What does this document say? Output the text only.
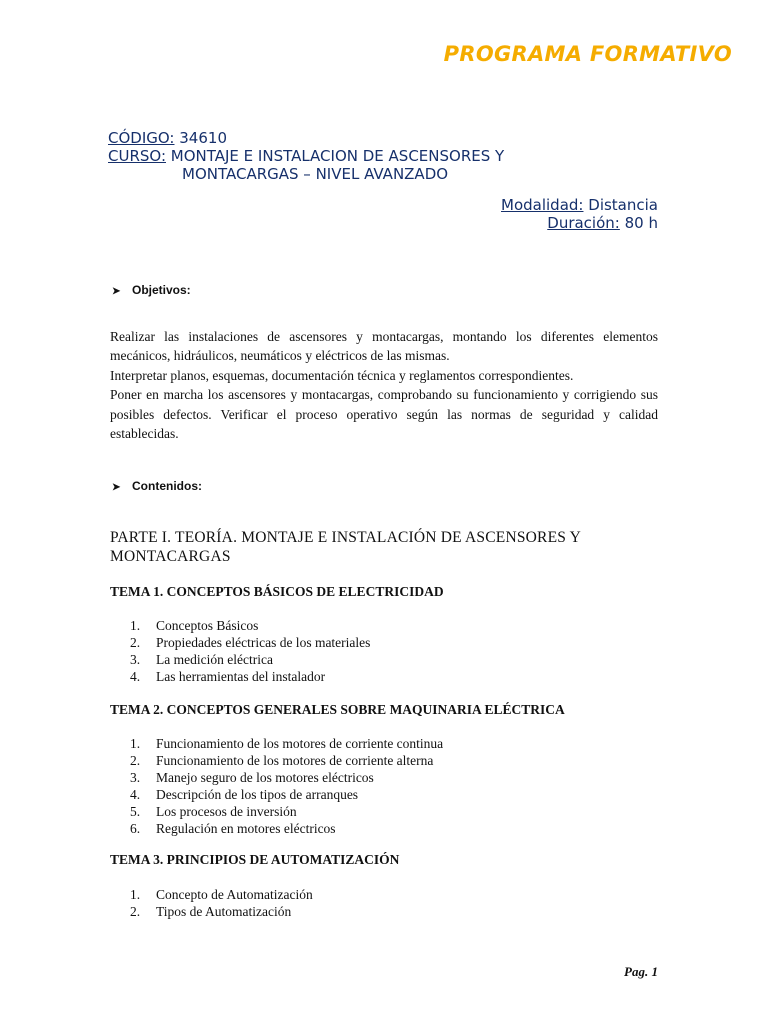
PROGRAMA FORMATIVO
CÓDIGO: 34610
CURSO: MONTAJE E INSTALACION DE ASCENSORES Y
MONTACARGAS – NIVEL AVANZADO
Modalidad: Distancia
Duración: 80 h
➤ Objetivos:

Realizar las instalaciones de ascensores y montacargas, montando los diferentes elementos mecánicos, hidráulicos, neumáticos y eléctricos de las mismas.

Interpretar planos, esquemas, documentación técnica y reglamentos correspondientes.

Poner en marcha los ascensores y montacargas, comprobando su funcionamiento y corrigiendo sus posibles defectos. Verificar el proceso operativo según las normas de seguridad y calidad establecidas.

➤ Contenidos:
PARTE I. TEORÍA. MONTAJE E INSTALACIÓN DE ASCENSORES Y MONTACARGAS
TEMA 1. CONCEPTOS BÁSICOS DE ELECTRICIDAD
1.	Conceptos Básicos
2.	Propiedades eléctricas de los materiales
3.	La medición eléctrica
4.	Las herramientas del instalador
TEMA 2. CONCEPTOS GENERALES SOBRE MAQUINARIA ELÉCTRICA
1.	Funcionamiento de los motores de corriente continua
2.	Funcionamiento de los motores de corriente alterna
3.	Manejo seguro de los motores eléctricos
4.	Descripción de los tipos de arranques
5.	Los procesos de inversión
6.	Regulación en motores eléctricos
TEMA 3. PRINCIPIOS DE AUTOMATIZACIÓN
1.	Concepto de Automatización
2.	Tipos de Automatización
Pag. 1
